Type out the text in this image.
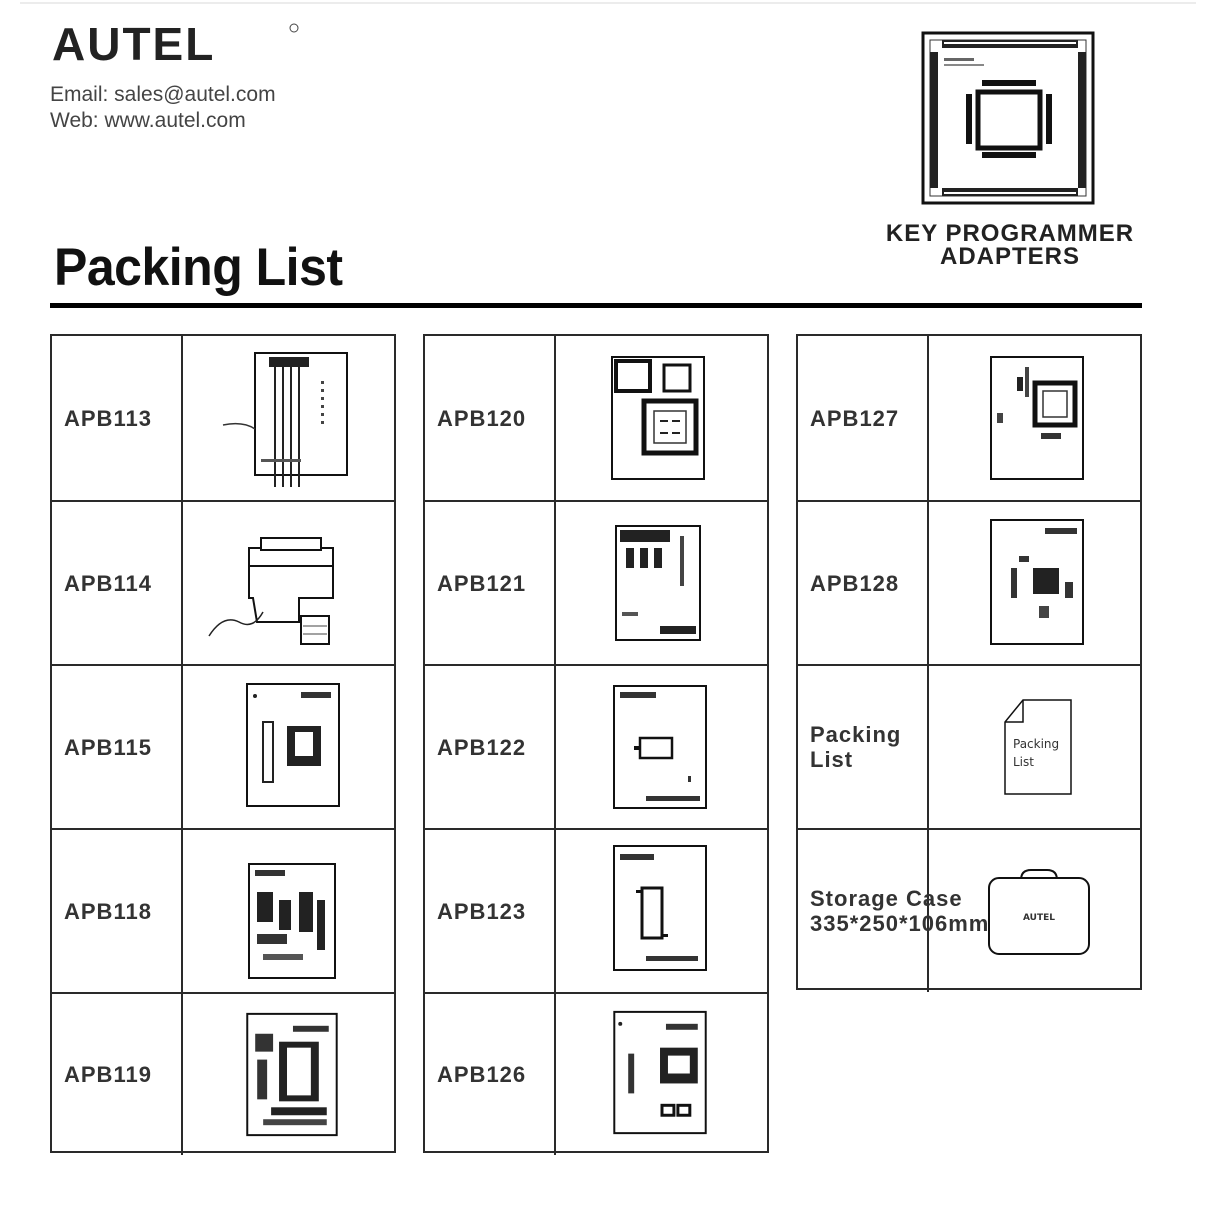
AUTEL
Email: sales@autel.com
Web: www.autel.com
Packing List
KEY PROGRAMMER
ADAPTERS
APB113
APB114
APB115
APB118
APB119
APB120
APB121
APB122
APB123
APB126
APB127
APB128
Packing List
Packing
List
Storage Case
335*250*106mm	AUTEL
